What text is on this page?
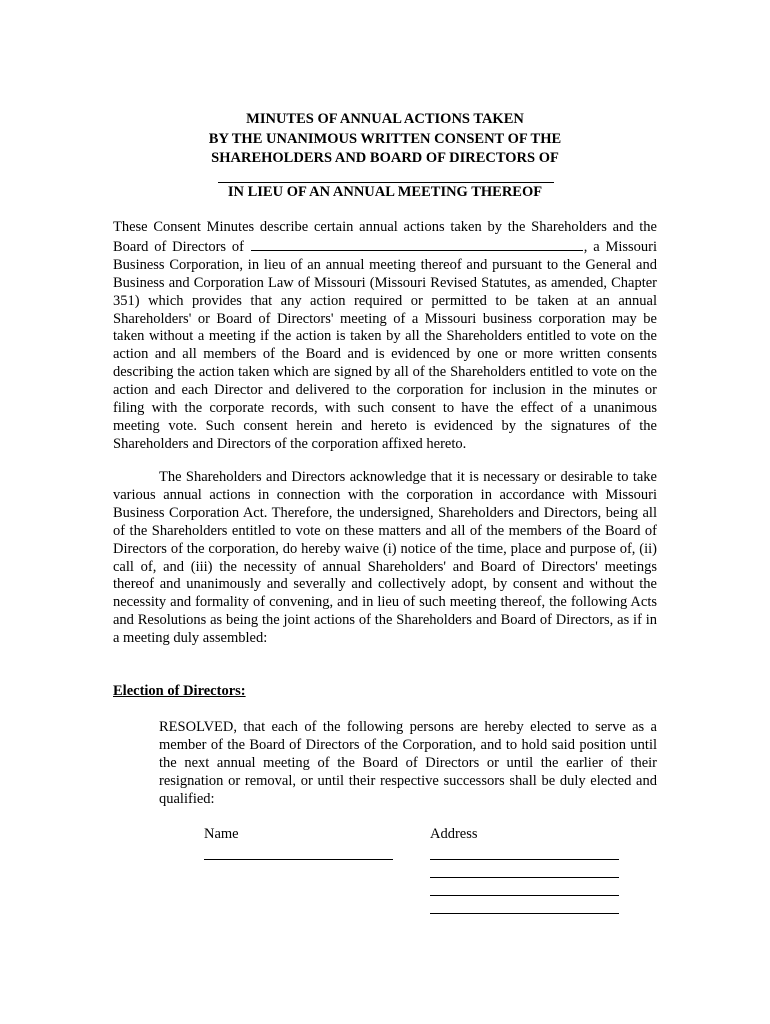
MINUTES OF ANNUAL ACTIONS TAKEN
BY THE UNANIMOUS WRITTEN CONSENT OF THE
SHAREHOLDERS AND BOARD OF DIRECTORS OF
IN LIEU OF AN ANNUAL MEETING THEREOF

These Consent Minutes describe certain annual actions taken by the Shareholders and the Board of Directors of	, a Missouri Business Corporation, in lieu of an annual meeting thereof and pursuant to the General and Business and Corporation Law of Missouri (Missouri Revised Statutes, as amended, Chapter 351) which provides that any action required or permitted to be taken at an annual Shareholders' or Board of Directors' meeting of a Missouri business corporation may be taken without a meeting if the action is taken by all the Shareholders entitled to vote on the action and all members of the Board and is evidenced by one or more written consents describing the action taken which are signed by all of the Shareholders entitled to vote on the action and each Director and delivered to the corporation for inclusion in the minutes or filing with the corporate records, with such consent to have the effect of a unanimous meeting vote. Such consent herein and hereto is evidenced by the signatures of the Shareholders and Directors of the corporation affixed hereto.

The Shareholders and Directors acknowledge that it is necessary or desirable to take various annual actions in connection with the corporation in accordance with Missouri Business Corporation Act. Therefore, the undersigned, Shareholders and Directors, being all of the Shareholders entitled to vote on these matters and all of the members of the Board of Directors of the corporation, do hereby waive (i) notice of the time, place and purpose of, (ii) call of, and (iii) the necessity of annual Shareholders' and Board of Directors' meetings thereof and unanimously and severally and collectively adopt, by consent and without the necessity and formality of convening, and in lieu of such meeting thereof, the following Acts and Resolutions as being the joint actions of the Shareholders and Board of Directors, as if in a meeting duly assembled:

Election of Directors:

RESOLVED, that each of the following persons are hereby elected to serve as a member of the Board of Directors of the Corporation, and to hold said position until the next annual meeting of the Board of Directors or until the earlier of their resignation or removal, or until their respective successors shall be duly elected and qualified:

Name	Address
